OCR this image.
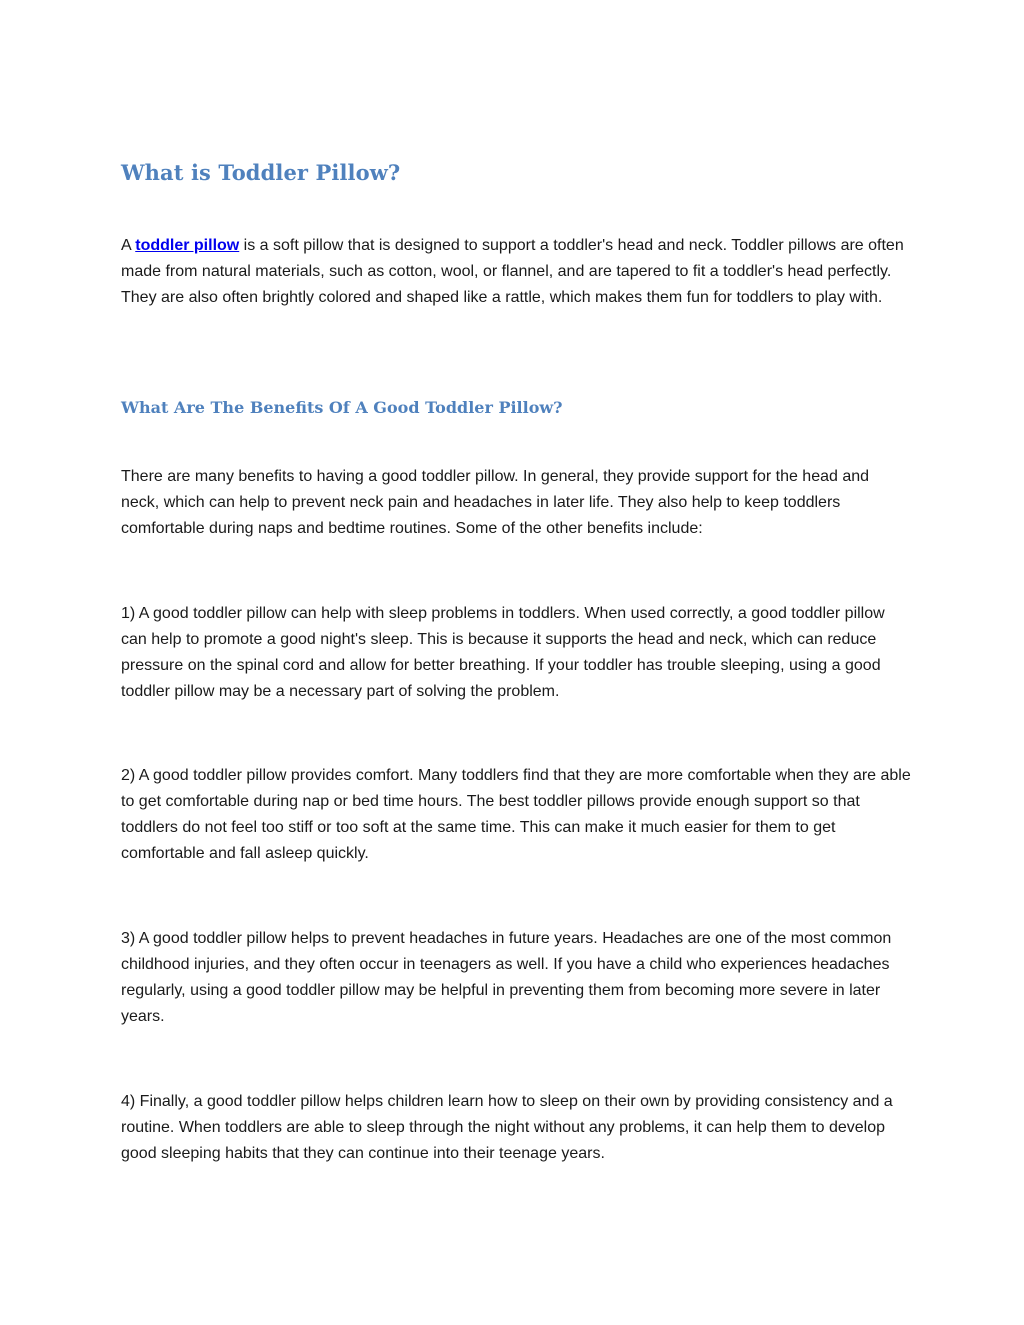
What is Toddler Pillow?

A toddler pillow is a soft pillow that is designed to support a toddler's head and neck. Toddler pillows are often made from natural materials, such as cotton, wool, or flannel, and are tapered to fit a toddler's head perfectly. They are also often brightly colored and shaped like a rattle, which makes them fun for toddlers to play with.

What Are The Benefits Of A Good Toddler Pillow?

There are many benefits to having a good toddler pillow. In general, they provide support for the head and neck, which can help to prevent neck pain and headaches in later life. They also help to keep toddlers comfortable during naps and bedtime routines. Some of the other benefits include:

1) A good toddler pillow can help with sleep problems in toddlers. When used correctly, a good toddler pillow can help to promote a good night's sleep. This is because it supports the head and neck, which can reduce pressure on the spinal cord and allow for better breathing. If your toddler has trouble sleeping, using a good toddler pillow may be a necessary part of solving the problem.

2) A good toddler pillow provides comfort. Many toddlers find that they are more comfortable when they are able to get comfortable during nap or bed time hours. The best toddler pillows provide enough support so that toddlers do not feel too stiff or too soft at the same time. This can make it much easier for them to get comfortable and fall asleep quickly.

3) A good toddler pillow helps to prevent headaches in future years. Headaches are one of the most common childhood injuries, and they often occur in teenagers as well. If you have a child who experiences headaches regularly, using a good toddler pillow may be helpful in preventing them from becoming more severe in later years.

4) Finally, a good toddler pillow helps children learn how to sleep on their own by providing consistency and a routine. When toddlers are able to sleep through the night without any problems, it can help them to develop good sleeping habits that they can continue into their teenage years.
